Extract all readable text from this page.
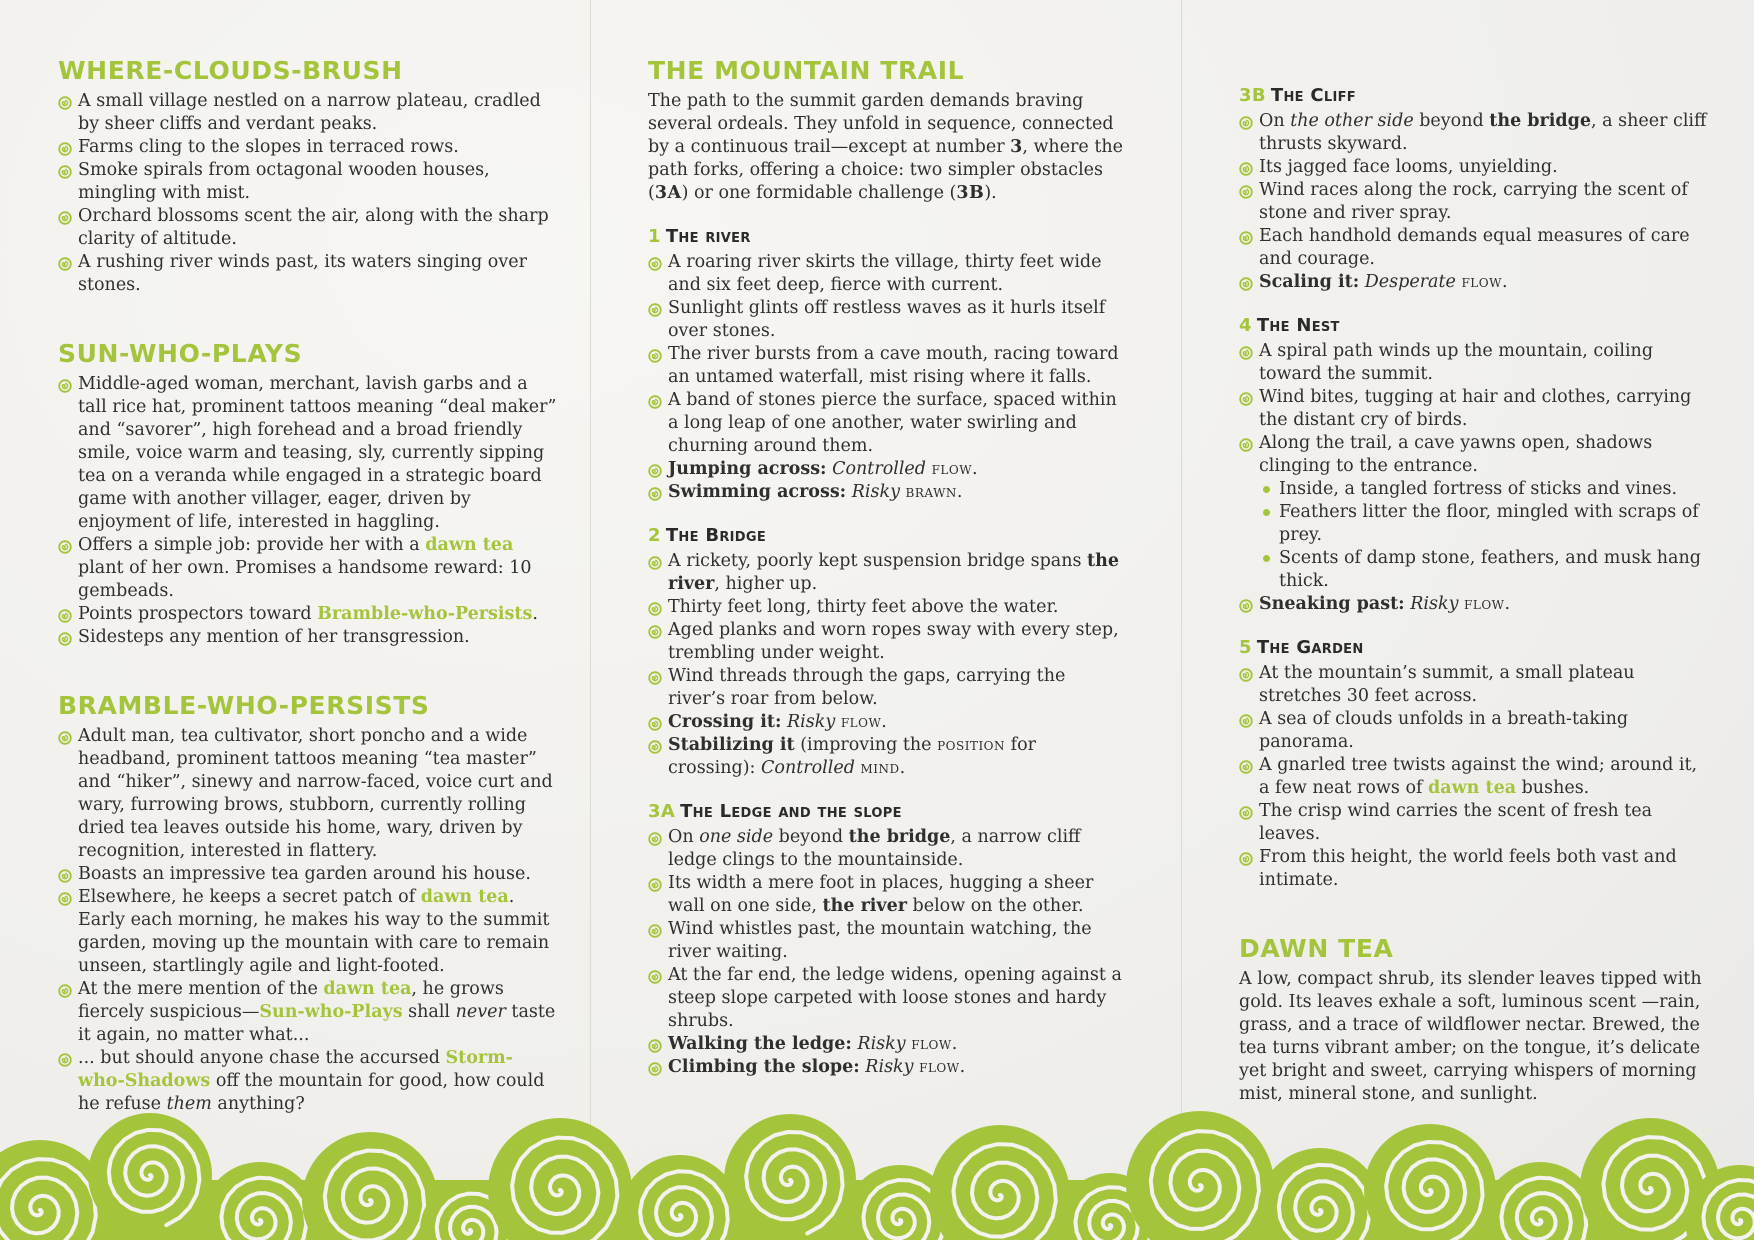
WHERE-CLOUDS-BRUSH
A small village nestled on a narrow plateau, cradled by sheer cliffs and verdant peaks.
Farms cling to the slopes in terraced rows.
Smoke spirals from octagonal wooden houses, mingling with mist.
Orchard blossoms scent the air, along with the sharp clarity of altitude.
A rushing river winds past, its waters singing over stones.
SUN-WHO-PLAYS
Middle-aged woman, merchant, lavish garbs and a tall rice hat, prominent tattoos meaning “deal maker” and “savorer”, high forehead and a broad friendly smile, voice warm and teasing, sly, currently sipping tea on a veranda while engaged in a strategic board game with another villager, eager, driven by enjoyment of life, interested in haggling.
Offers a simple job: provide her with a dawn tea plant of her own. Promises a handsome reward: 10 gembeads.
Points prospectors toward Bramble-who-Persists.
Sidesteps any mention of her transgression.
BRAMBLE-WHO-PERSISTS
Adult man, tea cultivator, short poncho and a wide headband, prominent tattoos meaning “tea master” and “hiker”, sinewy and narrow-faced, voice curt and wary, furrowing brows, stubborn, currently rolling dried tea leaves outside his home, wary, driven by recognition, interested in flattery.
Boasts an impressive tea garden around his house.
Elsewhere, he keeps a secret patch of dawn tea. Early each morning, he makes his way to the summit garden, moving up the mountain with care to remain unseen, startlingly agile and light-footed.
At the mere mention of the dawn tea, he grows fiercely suspicious—Sun-who-Plays shall never taste it again, no matter what...
... but should anyone chase the accursed Storm-who-Shadows off the mountain for good, how could he refuse them anything?
THE MOUNTAIN TRAIL

The path to the summit garden demands braving several ordeals. They unfold in sequence, connected by a continuous trail—except at number 3, where the path forks, offering a choice: two simpler obstacles (3A) or one formidable challenge (3B).

1 The river
A roaring river skirts the village, thirty feet wide and six feet deep, fierce with current.
Sunlight glints off restless waves as it hurls itself over stones.
The river bursts from a cave mouth, racing toward an untamed waterfall, mist rising where it falls.
A band of stones pierce the surface, spaced within a long leap of one another, water swirling and churning around them.
Jumping across: Controlled flow.
Swimming across: Risky brawn.
2 The Bridge
A rickety, poorly kept suspension bridge spans the river, higher up.
Thirty feet long, thirty feet above the water.
Aged planks and worn ropes sway with every step, trembling under weight.
Wind threads through the gaps, carrying the river’s roar from below.
Crossing it: Risky flow.
Stabilizing it (improving the position for crossing): Controlled mind.
3A The Ledge and the slope
On one side beyond the bridge, a narrow cliff ledge clings to the mountainside.
Its width a mere foot in places, hugging a sheer wall on one side, the river below on the other.
Wind whistles past, the mountain watching, the river waiting.
At the far end, the ledge widens, opening against a steep slope carpeted with loose stones and hardy shrubs.
Walking the ledge: Risky flow.
Climbing the slope: Risky flow.
3B The Cliff
On the other side beyond the bridge, a sheer cliff thrusts skyward.
Its jagged face looms, unyielding.
Wind races along the rock, carrying the scent of stone and river spray.
Each handhold demands equal measures of care and courage.
Scaling it: Desperate flow.
4 The Nest
A spiral path winds up the mountain, coiling toward the summit.
Wind bites, tugging at hair and clothes, carrying the distant cry of birds.
Along the trail, a cave yawns open, shadows clinging to the entrance.
Inside, a tangled fortress of sticks and vines.
Feathers litter the floor, mingled with scraps of prey.
Scents of damp stone, feathers, and musk hang thick.
Sneaking past: Risky flow.
5 The Garden
At the mountain’s summit, a small plateau stretches 30 feet across.
A sea of clouds unfolds in a breath-taking panorama.
A gnarled tree twists against the wind; around it, a few neat rows of dawn tea bushes.
The crisp wind carries the scent of fresh tea leaves.
From this height, the world feels both vast and intimate.
DAWN TEA

A low, compact shrub, its slender leaves tipped with gold. Its leaves exhale a soft, luminous scent —rain, grass, and a trace of wildflower nectar. Brewed, the tea turns vibrant amber; on the tongue, it’s delicate yet bright and sweet, carrying whispers of morning mist, mineral stone, and sunlight.
